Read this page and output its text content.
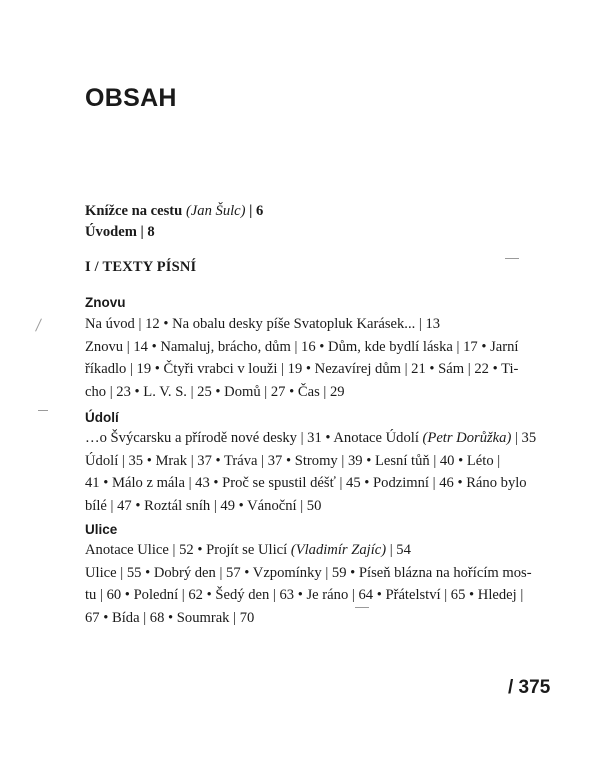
OBSAH
Knížce na cestu (Jan Šulc) | 6
Úvodem | 8
I / TEXTY PÍSNÍ
Znovu
Na úvod | 12 • Na obalu desky píše Svatopluk Karásek... | 13
Znovu | 14 • Namaluj, brácho, dům | 16 • Dům, kde bydlí láska | 17 • Jarní
říkadlo | 19 • Čtyři vrabci v louži | 19 • Nezavírej dům | 21 • Sám | 22 • Ti-
cho | 23 • L. V. S. | 25 • Domů | 27 • Čas | 29
Údolí
…o Švýcarsku a přírodě nové desky | 31 • Anotace Údolí (Petr Dorůžka) | 35
Údolí | 35 • Mrak | 37 • Tráva | 37 • Stromy | 39 • Lesní tůň | 40 • Léto |
41 • Málo z mála | 43 • Proč se spustil déšť | 45 • Podzimní | 46 • Ráno bylo
bílé | 47 • Roztál sníh | 49 • Vánoční | 50
Ulice
Anotace Ulice | 52 • Projít se Ulicí (Vladimír Zajíc) | 54
Ulice | 55 • Dobrý den | 57 • Vzpomínky | 59 • Píseň blázna na hořícím mos-
tu | 60 • Polední | 62 • Šedý den | 63 • Je ráno | 64 • Přátelství | 65 • Hledej |
67 • Bída | 68 • Soumrak | 70
/ 375
